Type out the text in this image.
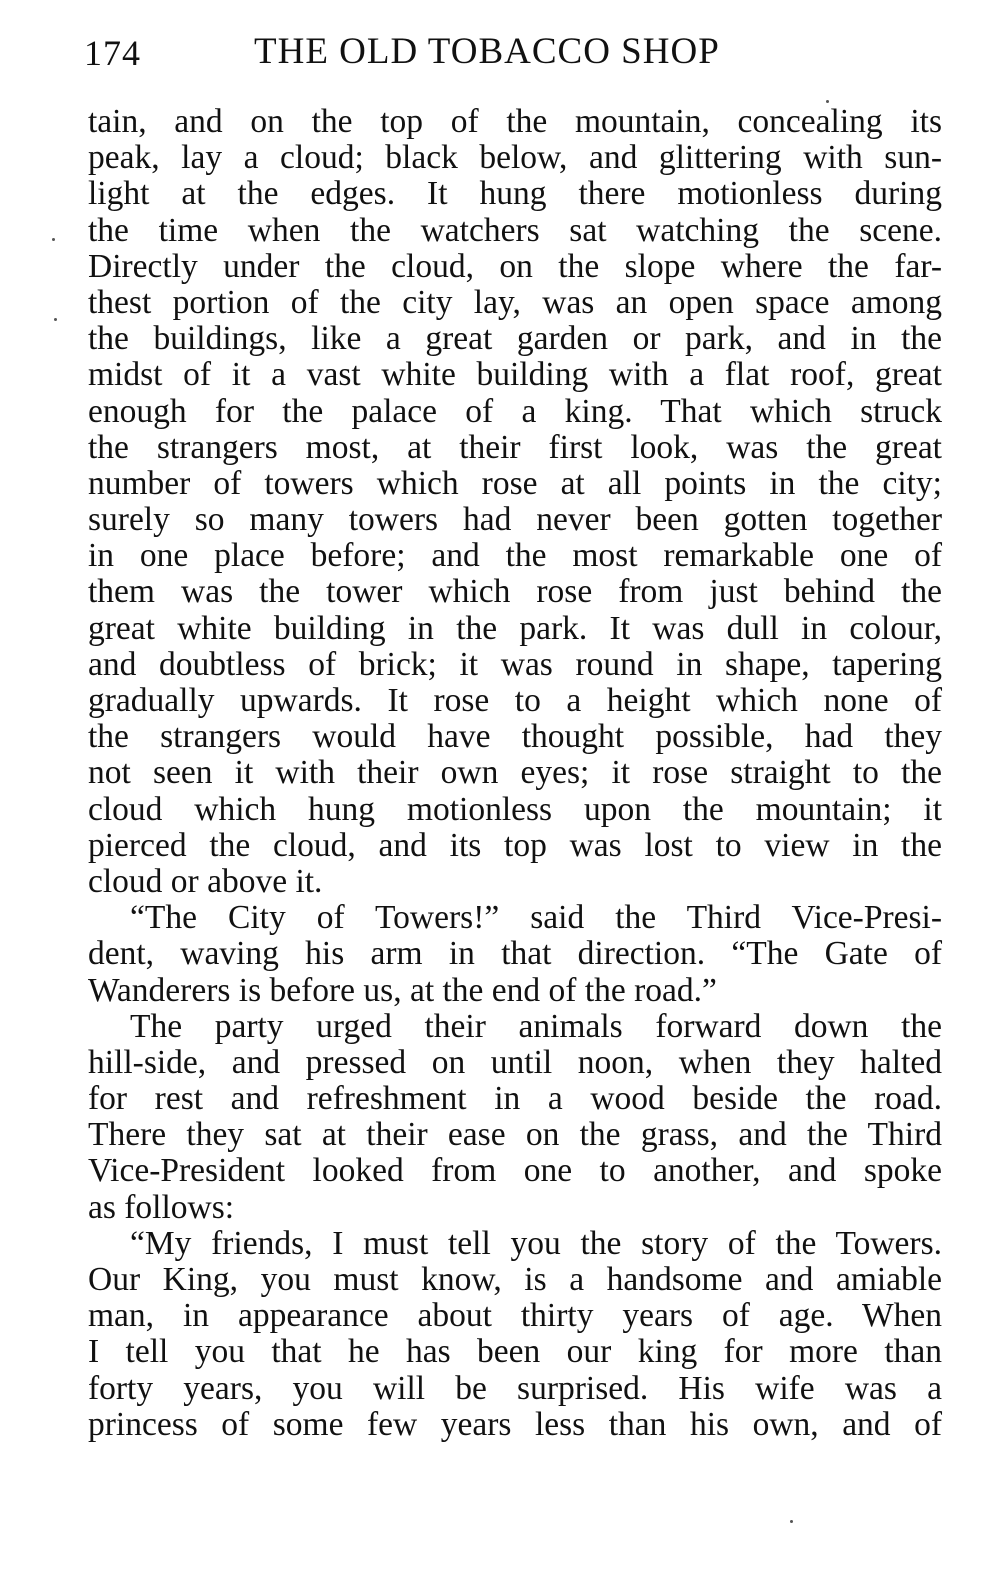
174	THE OLD TOBACCO SHOP
tain, and on the top of the mountain, concealing its
peak, lay a cloud; black below, and glittering with sun-
light at the edges. It hung there motionless during
the time when the watchers sat watching the scene.
Directly under the cloud, on the slope where the far-
thest portion of the city lay, was an open space among
the buildings, like a great garden or park, and in the
midst of it a vast white building with a flat roof, great
enough for the palace of a king. That which struck
the strangers most, at their first look, was the great
number of towers which rose at all points in the city;
surely so many towers had never been gotten together
in one place before; and the most remarkable one of
them was the tower which rose from just behind the
great white building in the park. It was dull in colour,
and doubtless of brick; it was round in shape, tapering
gradually upwards. It rose to a height which none of
the strangers would have thought possible, had they
not seen it with their own eyes; it rose straight to the
cloud which hung motionless upon the mountain; it
pierced the cloud, and its top was lost to view in the
cloud or above it.
“The City of Towers!” said the Third Vice-Presi-
dent, waving his arm in that direction. “The Gate of
Wanderers is before us, at the end of the road.”
The party urged their animals forward down the
hill-side, and pressed on until noon, when they halted
for rest and refreshment in a wood beside the road.
There they sat at their ease on the grass, and the Third
Vice-President looked from one to another, and spoke
as follows:
“My friends, I must tell you the story of the Towers.
Our King, you must know, is a handsome and amiable
man, in appearance about thirty years of age. When
I tell you that he has been our king for more than
forty years, you will be surprised. His wife was a
princess of some few years less than his own, and of
